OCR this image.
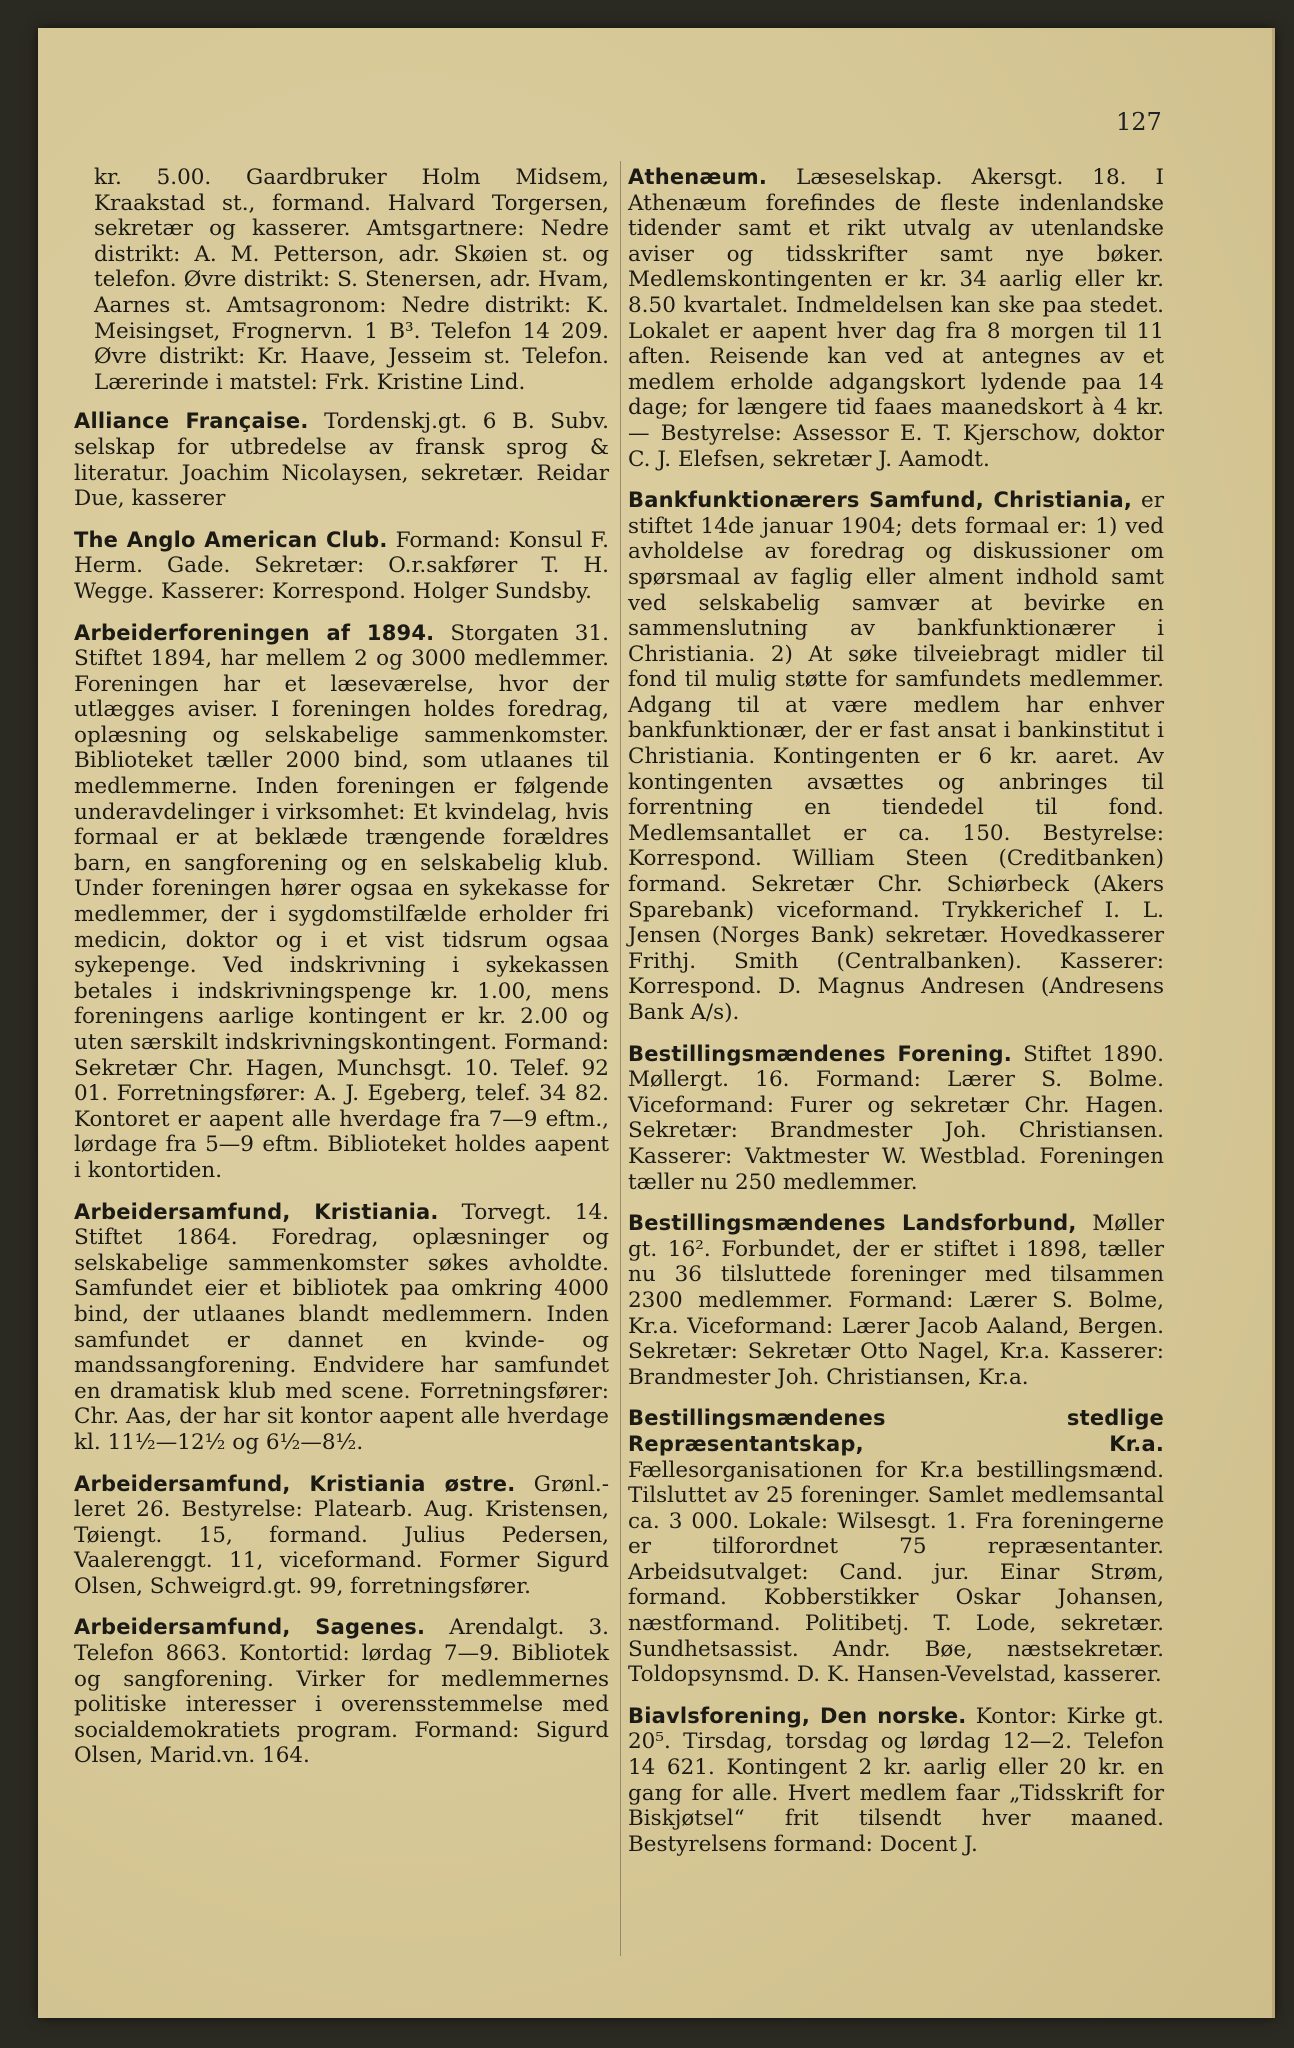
127
kr. 5.00. Gaardbruker Holm Midsem, Kraakstad st., formand. Halvard Torgersen, sekretær og kasserer. Amtsgartnere: Nedre distrikt: A. M. Petterson, adr. Skøien st. og telefon. Øvre distrikt: S. Stenersen, adr. Hvam, Aarnes st. Amtsagronom: Nedre distrikt: K. Meisingset, Frognervn. 1 B³. Telefon 14 209. Øvre distrikt: Kr. Haave, Jesseim st. Telefon. Lærerinde i matstel: Frk. Kristine Lind.

Alliance Française. Tordenskj.gt. 6 B. Subv. selskap for utbredelse av fransk sprog & literatur. Joachim Nicolaysen, sekretær. Reidar Due, kasserer

The Anglo American Club. Formand: Konsul F. Herm. Gade. Sekretær: O.r.sakfører T. H. Wegge. Kasserer: Korrespond. Holger Sundsby.

Arbeiderforeningen af 1894. Storgaten 31. Stiftet 1894, har mellem 2 og 3000 medlemmer. Foreningen har et læseværelse, hvor der utlægges aviser. I foreningen holdes foredrag, oplæsning og selskabelige sammenkomster. Biblioteket tæller 2000 bind, som utlaanes til medlemmerne. Inden foreningen er følgende underavdelinger i virksomhet: Et kvindelag, hvis formaal er at beklæde trængende forældres barn, en sangforening og en selskabelig klub. Under foreningen hører ogsaa en sykekasse for medlemmer, der i sygdomstilfælde erholder fri medicin, doktor og i et vist tidsrum ogsaa sykepenge. Ved indskrivning i sykekassen betales i indskrivningspenge kr. 1.00, mens foreningens aarlige kontingent er kr. 2.00 og uten særskilt indskrivningskontingent. Formand: Sekretær Chr. Hagen, Munchsgt. 10. Telef. 92 01. Forretningsfører: A. J. Egeberg, telef. 34 82. Kontoret er aapent alle hverdage fra 7—9 eftm., lørdage fra 5—9 eftm. Biblioteket holdes aapent i kontortiden.

Arbeidersamfund, Kristiania. Torvegt. 14. Stiftet 1864. Foredrag, oplæsninger og selskabelige sammenkomster søkes avholdte. Samfundet eier et bibliotek paa omkring 4000 bind, der utlaanes blandt medlemmern. Inden samfundet er dannet en kvinde- og mandssangforening. Endvidere har samfundet en dramatisk klub med scene. Forretningsfører: Chr. Aas, der har sit kontor aapent alle hverdage kl. 11½—12½ og 6½—8½.

Arbeidersamfund, Kristiania østre. Grønl.-leret 26. Bestyrelse: Platearb. Aug. Kristensen, Tøiengt. 15, formand. Julius Pedersen, Vaalerenggt. 11, viceformand. Former Sigurd Olsen, Schweigrd.gt. 99, forretningsfører.

Arbeidersamfund, Sagenes. Arendalgt. 3. Telefon 8663. Kontortid: lørdag 7—9. Bibliotek og sangforening. Virker for medlemmernes politiske interesser i overensstemmelse med socialdemokratiets program. Formand: Sigurd Olsen, Marid.vn. 164.

Athenæum. Læseselskap. Akersgt. 18. I Athenæum forefindes de fleste indenlandske tidender samt et rikt utvalg av utenlandske aviser og tidsskrifter samt nye bøker. Medlemskontingenten er kr. 34 aarlig eller kr. 8.50 kvartalet. Indmeldelsen kan ske paa stedet. Lokalet er aapent hver dag fra 8 morgen til 11 aften. Reisende kan ved at antegnes av et medlem erholde adgangskort lydende paa 14 dage; for længere tid faaes maanedskort à 4 kr. — Bestyrelse: Assessor E. T. Kjerschow, doktor C. J. Elefsen, sekretær J. Aamodt.

Bankfunktionærers Samfund, Christiania, er stiftet 14de januar 1904; dets formaal er: 1) ved avholdelse av foredrag og diskussioner om spørsmaal av faglig eller alment indhold samt ved selskabelig samvær at bevirke en sammenslutning av bankfunktionærer i Christiania. 2) At søke tilveiebragt midler til fond til mulig støtte for samfundets medlemmer. Adgang til at være medlem har enhver bankfunktionær, der er fast ansat i bankinstitut i Christiania. Kontingenten er 6 kr. aaret. Av kontingenten avsættes og anbringes til forrentning en tiendedel til fond. Medlemsantallet er ca. 150. Bestyrelse: Korrespond. William Steen (Creditbanken) formand. Sekretær Chr. Schiørbeck (Akers Sparebank) viceformand. Trykkerichef I. L. Jensen (Norges Bank) sekretær. Hovedkasserer Frithj. Smith (Centralbanken). Kasserer: Korrespond. D. Magnus Andresen (Andresens Bank A/s).

Bestillingsmændenes Forening. Stiftet 1890. Møllergt. 16. Formand: Lærer S. Bolme. Viceformand: Furer og sekretær Chr. Hagen. Sekretær: Brandmester Joh. Christiansen. Kasserer: Vaktmester W. Westblad. Foreningen tæller nu 250 medlemmer.

Bestillingsmændenes Landsforbund, Møller gt. 16². Forbundet, der er stiftet i 1898, tæller nu 36 tilsluttede foreninger med tilsammen 2300 medlemmer. Formand: Lærer S. Bolme, Kr.a. Viceformand: Lærer Jacob Aaland, Bergen. Sekretær: Sekretær Otto Nagel, Kr.a. Kasserer: Brandmester Joh. Christiansen, Kr.a.

Bestillingsmændenes stedlige Repræsentantskap, Kr.a. Fællesorganisationen for Kr.a bestillingsmænd. Tilsluttet av 25 foreninger. Samlet medlemsantal ca. 3 000. Lokale: Wilsesgt. 1. Fra foreningerne er tilforordnet 75 repræsentanter. Arbeidsutvalget: Cand. jur. Einar Strøm, formand. Kobberstikker Oskar Johansen, næstformand. Politibetj. T. Lode, sekretær. Sundhetsassist. Andr. Bøe, næstsekretær. Toldopsynsmd. D. K. Hansen-Vevelstad, kasserer.

Biavlsforening, Den norske. Kontor: Kirke gt. 20⁵. Tirsdag, torsdag og lørdag 12—2. Telefon 14 621. Kontingent 2 kr. aarlig eller 20 kr. en gang for alle. Hvert medlem faar „Tidsskrift for Biskjøtsel“ frit tilsendt hver maaned. Bestyrelsens formand: Docent J.
